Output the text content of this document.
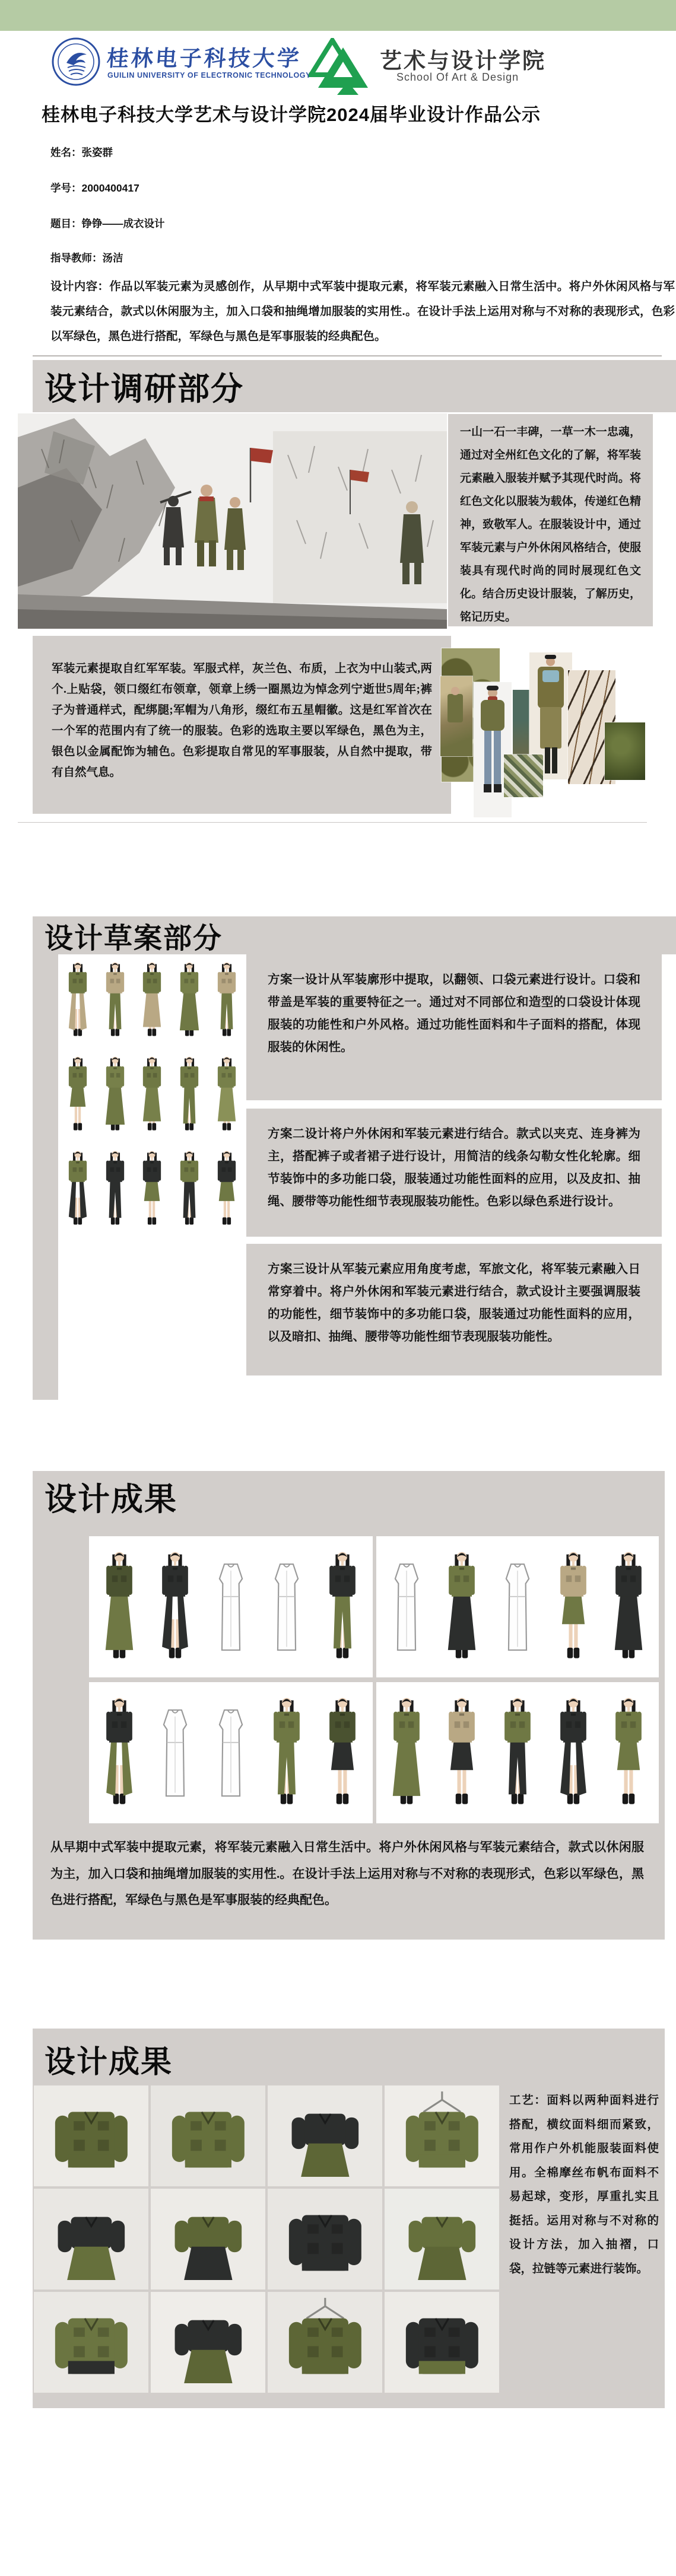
桂林电子科技大学
GUILIN UNIVERSITY OF ELECTRONIC TECHNOLOGY
艺术与设计学院
School Of Art & Design
桂林电子科技大学艺术与设计学院2024届毕业设计作品公示
姓名：张姿群
学号：2000400417
题目：铮铮——成衣设计
指导教师：汤洁

设计内容：作品以军装元素为灵感创作，从早期中式军装中提取元素，将军装元素融入日常生活中。将户外休闲风格与军装元素结合，款式以休闲服为主，加入口袋和抽绳增加服装的实用性.。在设计手法上运用对称与不对称的表现形式，色彩以军绿色，黑色进行搭配，军绿色与黑色是军事服装的经典配色。

设计调研部分

一山一石一丰碑，一草一木一忠魂，通过对全州红色文化的了解，将军装元素融入服装并赋予其现代时尚。将红色文化以服装为载体，传递红色精神，致敬军人。在服装设计中，通过军装元素与户外休闲风格结合，使服装具有现代时尚的同时展现红色文化。结合历史设计服装，了解历史，铭记历史。

军装元素提取自红军军装。军服式样，灰兰色、布质，上衣为中山装式,两个.上贴袋，领口缀红布领章，领章上绣一圈黑边为悼念列宁逝世5周年;裤子为普通样式，配绑腿;军帽为八角形，缀红布五星帽徽。这是红军首次在一个军的范围内有了统一的服装。色彩的选取主要以军绿色，黑色为主，银色以金属配饰为辅色。色彩提取自常见的军事服装，从自然中提取，带有自然气息。

设计草案部分

方案一设计从军装廓形中提取，以翻领、口袋元素进行设计。口袋和带盖是军装的重要特征之一。通过对不同部位和造型的口袋设计体现服装的功能性和户外风格。通过功能性面料和牛子面料的搭配，体现服装的休闲性。

方案二设计将户外休闲和军装元素进行结合。款式以夹克、连身裤为主，搭配裤子或者裙子进行设计，用简洁的线条勾勒女性化轮廓。细节装饰中的多功能口袋，服装通过功能性面料的应用，以及皮扣、抽绳、腰带等功能性细节表现服装功能性。色彩以绿色系进行设计。

方案三设计从军装元素应用角度考虑，军旅文化，将军装元素融入日常穿着中。将户外休闲和军装元素进行结合，款式设计主要强调服装的功能性，细节装饰中的多功能口袋，服装通过功能性面料的应用，以及暗扣、抽绳、腰带等功能性细节表现服装功能性。

设计成果

从早期中式军装中提取元素，将军装元素融入日常生活中。将户外休闲风格与军装元素结合，款式以休闲服为主，加入口袋和抽绳增加服装的实用性.。在设计手法上运用对称与不对称的表现形式，色彩以军绿色，黑色进行搭配，军绿色与黑色是军事服装的经典配色。

设计成果

工艺：面料以两种面料进行搭配，横纹面料细而紧致，常用作户外机能服装面料使用。全棉摩丝布帆布面料不易起球，变形，厚重扎实且挺括。运用对称与不对称的设计方法，加入抽褶，口袋，拉链等元素进行装饰。
